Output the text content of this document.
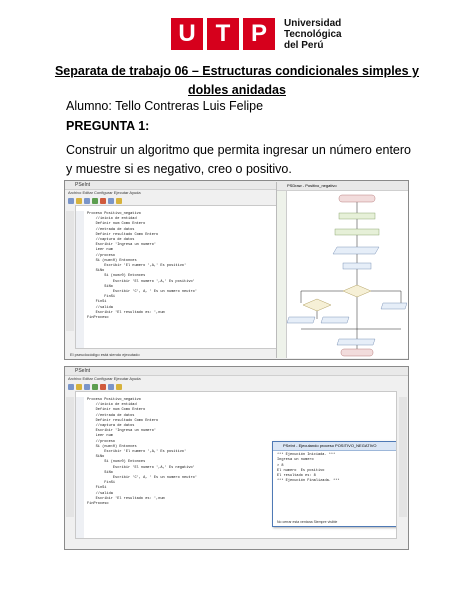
U T P	Universidad
Tecnológica
del Perú
Separata de trabajo 06 – Estructuras condicionales simples y dobles anidadas
Alumno: Tello Contreras Luis Felipe
PREGUNTA 1:
Construir un algoritmo que permita ingresar un número entero y muestre si es negativo, creo o positivo.
PSeInt
Archivo Editar Configurar Ejecutar Ayuda
Proceso Positivo_negativo
//inicio de entidad
Definir num Como Entero
//entrada de datos
Definir resultado Como Entero
//captura de datos
Escribir 'Ingresa un numero'
Leer num
//proceso
Si (num<0) Entonces
Escribir 'El numero ',A,' Es positivo'
SiNo
Si (num>0) Entonces
Escribir 'El numero ',A,' Es positivo'
SiNo
Escribir 'C', A, ' Es un numero neutro'
FinSi
FinSi
//salida
Escribir 'El resultado es: ',num
FinProceso
El pseudocódigo está siendo ejecutado
PSDraw - Positivo_negativo
PSeInt
Archivo Editar Configurar Ejecutar Ayuda
Proceso Positivo_negativo
//inicio de entidad
Definir num Como Entero
//entrada de datos
Definir resultado Como Entero
//captura de datos
Escribir 'Ingresa un numero'
Leer num
//proceso
Si (num<0) Entonces
Escribir 'El numero ',A,' Es positivo'
SiNo
Si (num>0) Entonces
Escribir 'El numero ',A,' Es negativo'
SiNo
Escribir 'C', A, ' Es un numero neutro'
FinSi
FinSi
//salida
Escribir 'El resultado es: ',num
FinProceso
PSeInt - Ejecutando proceso POSITIVO_NEGATIVO
*** Ejecución Iniciada. ***
Ingresa un numero
> 8
El numero  Es positivo
El resultado es: 8
*** Ejecución Finalizada. ***
No cerrar esta ventana Siempre visible
